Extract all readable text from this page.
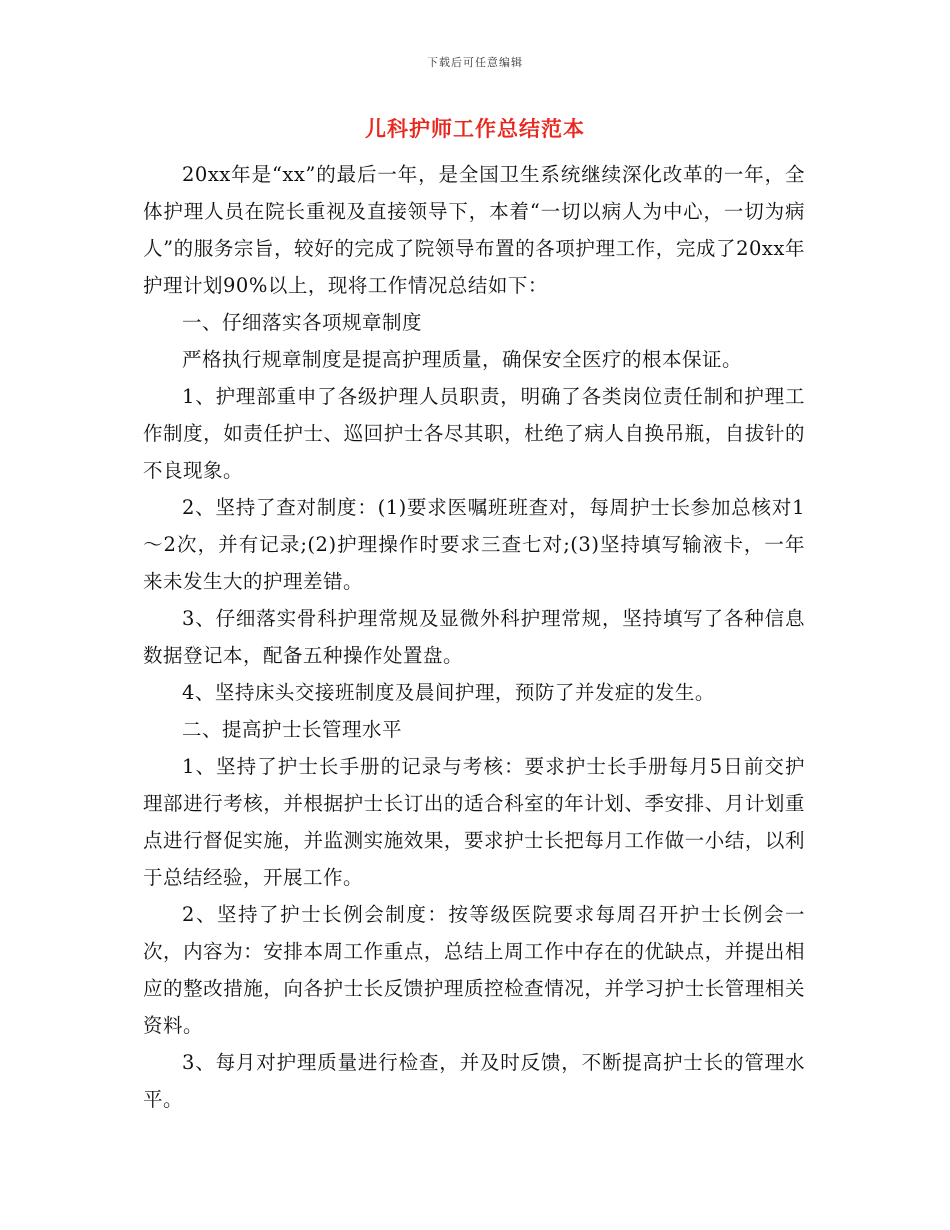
下载后可任意编辑
儿科护师工作总结范本

20xx年是“xx”的最后一年，是全国卫生系统继续深化改革的一年，全体护理人员在院长重视及直接领导下，本着“一切以病人为中心，一切为病人”的服务宗旨，较好的完成了院领导布置的各项护理工作，完成了20xx年护理计划90%以上，现将工作情况总结如下：

一、仔细落实各项规章制度

严格执行规章制度是提高护理质量，确保安全医疗的根本保证。

1、护理部重申了各级护理人员职责，明确了各类岗位责任制和护理工作制度，如责任护士、巡回护士各尽其职，杜绝了病人自换吊瓶，自拔针的不良现象。

2、坚持了查对制度：(1)要求医嘱班班查对，每周护士长参加总核对1～2次，并有记录;(2)护理操作时要求三查七对;(3)坚持填写输液卡，一年来未发生大的护理差错。

3、仔细落实骨科护理常规及显微外科护理常规，坚持填写了各种信息数据登记本，配备五种操作处置盘。

4、坚持床头交接班制度及晨间护理，预防了并发症的发生。

二、提高护士长管理水平

1、坚持了护士长手册的记录与考核：要求护士长手册每月5日前交护理部进行考核，并根据护士长订出的适合科室的年计划、季安排、月计划重点进行督促实施，并监测实施效果，要求护士长把每月工作做一小结，以利于总结经验，开展工作。

2、坚持了护士长例会制度：按等级医院要求每周召开护士长例会一次，内容为：安排本周工作重点，总结上周工作中存在的优缺点，并提出相应的整改措施，向各护士长反馈护理质控检查情况，并学习护士长管理相关资料。

3、每月对护理质量进行检查，并及时反馈，不断提高护士长的管理水平。
